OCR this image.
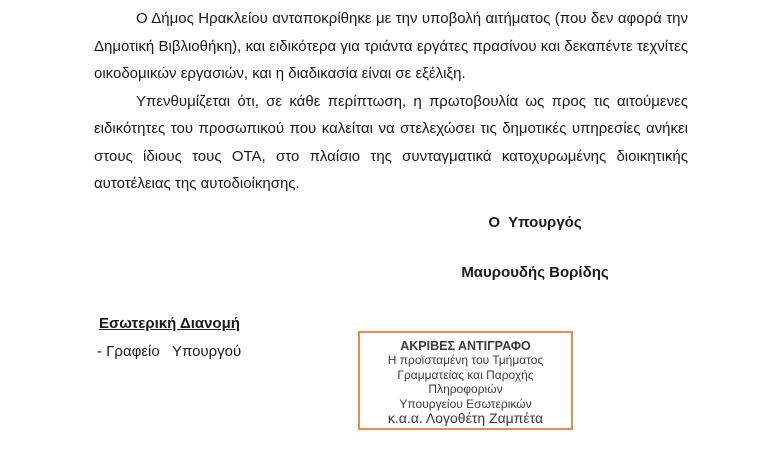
Ο Δήμος Ηρακλείου ανταποκρίθηκε με την υποβολή αιτήματος (που δεν αφορά την Δημοτική Βιβλιοθήκη), και ειδικότερα για τριάντα εργάτες πρασίνου και δεκαπέντε τεχνίτες οικοδομικών εργασιών, και η διαδικασία είναι σε εξέλιξη.

Υπενθυμίζεται ότι, σε κάθε περίπτωση, η πρωτοβουλία ως προς τις αιτούμενες ειδικότητες του προσωπικού που καλείται να στελεχώσει τις δημοτικές υπηρεσίες ανήκει στους ίδιους τους ΟΤΑ, στο πλαίσιο της συνταγματικά κατοχυρωμένης διοικητικής αυτοτέλειας της αυτοδιοίκησης.

Ο  Υπουργός

Μαυρουδής Βορίδης

Εσωτερική Διανομή
- Γραφείο   Υπουργού	ΑΚΡΙΒΕΣ ΑΝΤΙΓΡΑΦΟ
Η προϊσταμένη του Τμήματος
Γραμματείας και Παροχής
Πληροφοριών
Υπουργείου Εσωτερικών
κ.α.α. Λογοθέτη Ζαμπέτα
